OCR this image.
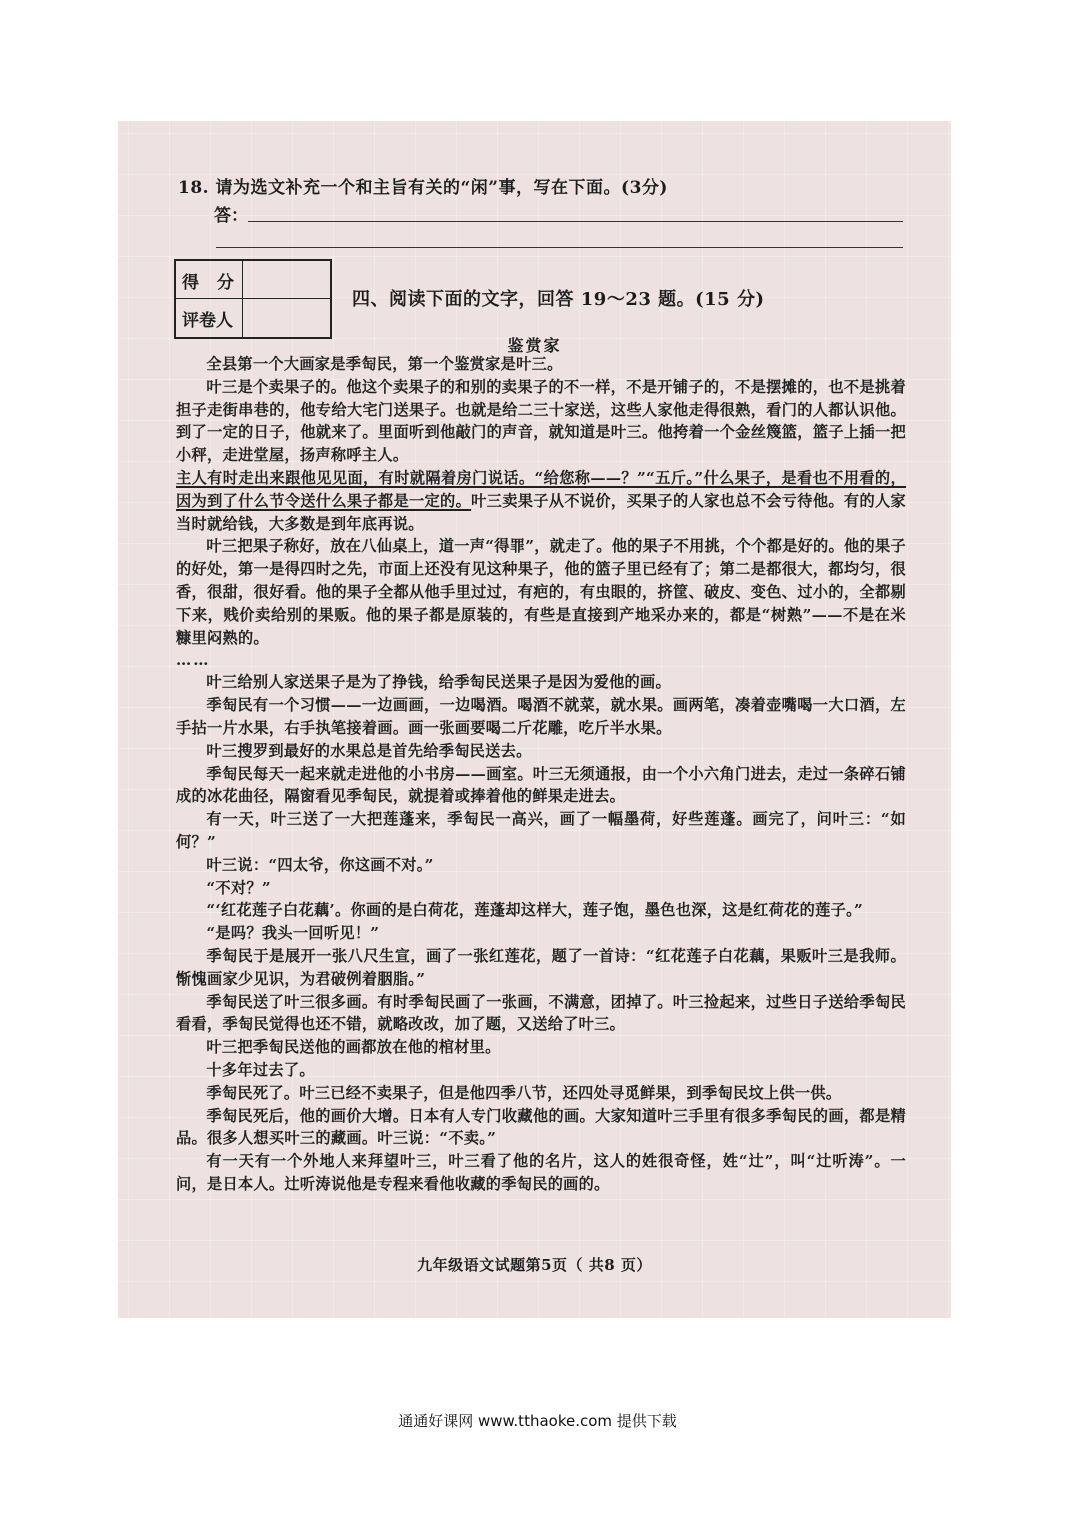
18. 请为选文补充一个和主旨有关的“闲”事，写在下面。(3分)
答：
得 分
评卷人
四、阅读下面的文字，回答 19～23 题。(15 分)
鉴赏家

全县第一个大画家是季匋民，第一个鉴赏家是叶三。

叶三是个卖果子的。他这个卖果子的和别的卖果子的不一样，不是开铺子的，不是摆摊的，也不是挑着担子走街串巷的，他专给大宅门送果子。也就是给二三十家送，这些人家他走得很熟，看门的人都认识他。到了一定的日子，他就来了。里面听到他敲门的声音，就知道是叶三。他挎着一个金丝篾篮，篮子上插一把小秤，走进堂屋，扬声称呼主人。

主人有时走出来跟他见见面，有时就隔着房门说话。“给您称——？”“五斤。”什么果子，是看也不用看的，因为到了什么节令送什么果子都是一定的。叶三卖果子从不说价，买果子的人家也总不会亏待他。有的人家当时就给钱，大多数是到年底再说。

叶三把果子称好，放在八仙桌上，道一声“得罪”，就走了。他的果子不用挑，个个都是好的。他的果子的好处，第一是得四时之先，市面上还没有见这种果子，他的篮子里已经有了；第二是都很大，都均匀，很香，很甜，很好看。他的果子全都从他手里过过，有疤的，有虫眼的，挤筐、破皮、变色、过小的，全都剔下来，贱价卖给别的果贩。他的果子都是原装的，有些是直接到产地采办来的，都是“树熟”——不是在米糠里闷熟的。

……

叶三给别人家送果子是为了挣钱，给季匋民送果子是因为爱他的画。

季匋民有一个习惯——一边画画，一边喝酒。喝酒不就菜，就水果。画两笔，凑着壶嘴喝一大口酒，左手拈一片水果，右手执笔接着画。画一张画要喝二斤花雕，吃斤半水果。

叶三搜罗到最好的水果总是首先给季匋民送去。

季匋民每天一起来就走进他的小书房——画室。叶三无须通报，由一个小六角门进去，走过一条碎石铺成的冰花曲径，隔窗看见季匋民，就提着或捧着他的鲜果走进去。

有一天，叶三送了一大把莲蓬来，季匋民一高兴，画了一幅墨荷，好些莲蓬。画完了，问叶三：“如何？”

叶三说：“四太爷，你这画不对。”

“不对？”

“‘红花莲子白花藕’。你画的是白荷花，莲蓬却这样大，莲子饱，墨色也深，这是红荷花的莲子。”

“是吗？我头一回听见！”

季匋民于是展开一张八尺生宣，画了一张红莲花，题了一首诗：“红花莲子白花藕，果贩叶三是我师。惭愧画家少见识，为君破例着胭脂。”

季匋民送了叶三很多画。有时季匋民画了一张画，不满意，团掉了。叶三捡起来，过些日子送给季匋民看看，季匋民觉得也还不错，就略改改，加了题，又送给了叶三。

叶三把季匋民送他的画都放在他的棺材里。

十多年过去了。

季匋民死了。叶三已经不卖果子，但是他四季八节，还四处寻觅鲜果，到季匋民坟上供一供。

季匋民死后，他的画价大增。日本有人专门收藏他的画。大家知道叶三手里有很多季匋民的画，都是精品。很多人想买叶三的藏画。叶三说：“不卖。”

有一天有一个外地人来拜望叶三，叶三看了他的名片，这人的姓很奇怪，姓“辻”，叫“辻听涛”。一问，是日本人。辻听涛说他是专程来看他收藏的季匋民的画的。

九年级语文试题第5页（ 共8 页）
通通好课网 www.tthaoke.com 提供下载
